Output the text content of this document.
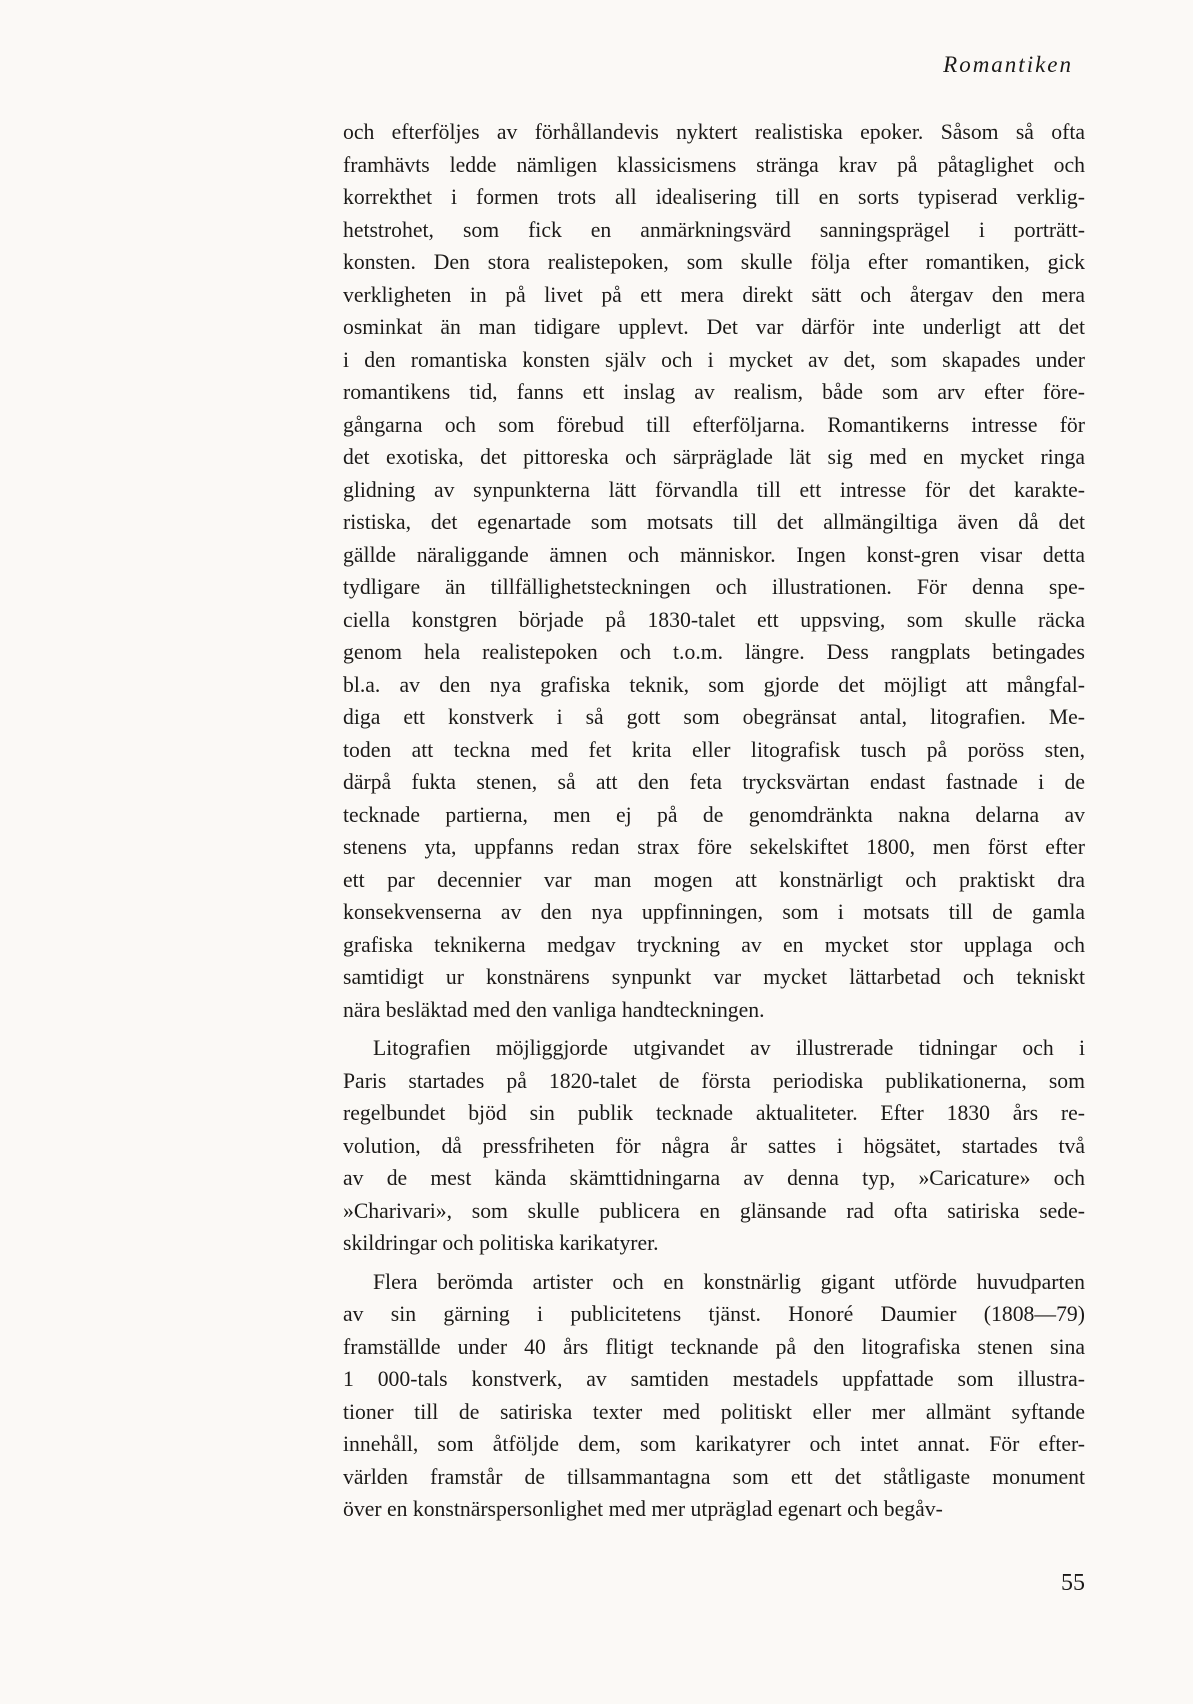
Romantiken
och efterföljes av förhållandevis nyktert realistiska epoker. Såsom så ofta
framhävts ledde nämligen klassicismens stränga krav på påtaglighet och
korrekthet i formen trots all idealisering till en sorts typiserad verklig-
hetstrohet, som fick en anmärkningsvärd sanningsprägel i porträtt-
konsten. Den stora realistepoken, som skulle följa efter romantiken, gick
verkligheten in på livet på ett mera direkt sätt och återgav den mera
osminkat än man tidigare upplevt. Det var därför inte underligt att det
i den romantiska konsten själv och i mycket av det, som skapades under
romantikens tid, fanns ett inslag av realism, både som arv efter före-
gångarna och som förebud till efterföljarna. Romantikerns intresse för
det exotiska, det pittoreska och särpräglade lät sig med en mycket ringa
glidning av synpunkterna lätt förvandla till ett intresse för det karakte-
ristiska, det egenartade som motsats till det allmängiltiga även då det
gällde näraliggande ämnen och människor. Ingen konst-gren visar detta
tydligare än tillfällighetsteckningen och illustrationen. För denna spe-
ciella konstgren började på 1830-talet ett uppsving, som skulle räcka
genom hela realistepoken och t.o.m. längre. Dess rangplats betingades
bl.a. av den nya grafiska teknik, som gjorde det möjligt att mångfal-
diga ett konstverk i så gott som obegränsat antal, litografien. Me-
toden att teckna med fet krita eller litografisk tusch på poröss sten,
därpå fukta stenen, så att den feta trycksvärtan endast fastnade i de
tecknade partierna, men ej på de genomdränkta nakna delarna av
stenens yta, uppfanns redan strax före sekelskiftet 1800, men först efter
ett par decennier var man mogen att konstnärligt och praktiskt dra
konsekvenserna av den nya uppfinningen, som i motsats till de gamla
grafiska teknikerna medgav tryckning av en mycket stor upplaga och
samtidigt ur konstnärens synpunkt var mycket lättarbetad och tekniskt
nära besläktad med den vanliga handteckningen.
Litografien möjliggjorde utgivandet av illustrerade tidningar och i
Paris startades på 1820-talet de första periodiska publikationerna, som
regelbundet bjöd sin publik tecknade aktualiteter. Efter 1830 års re-
volution, då pressfriheten för några år sattes i högsätet, startades två
av de mest kända skämttidningarna av denna typ, »Caricature» och
»Charivari», som skulle publicera en glänsande rad ofta satiriska sede-
skildringar och politiska karikatyrer.
Flera berömda artister och en konstnärlig gigant utförde huvudparten
av sin gärning i publicitetens tjänst. Honoré Daumier (1808—79)
framställde under 40 års flitigt tecknande på den litografiska stenen sina
1 000-tals konstverk, av samtiden mestadels uppfattade som illustra-
tioner till de satiriska texter med politiskt eller mer allmänt syftande
innehåll, som åtföljde dem, som karikatyrer och intet annat. För efter-
världen framstår de tillsammantagna som ett det ståtligaste monument
över en konstnärspersonlighet med mer utpräglad egenart och begåv-
55
